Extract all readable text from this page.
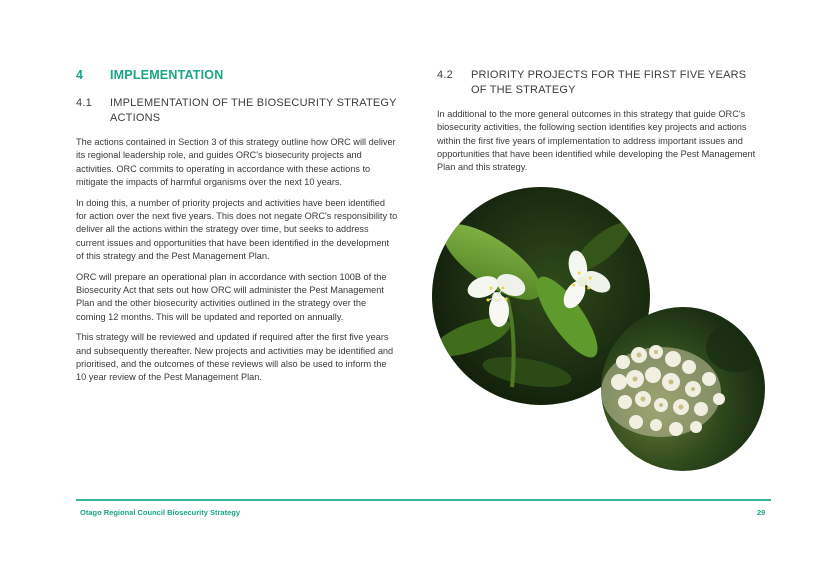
4	IMPLEMENTATION
4.1	IMPLEMENTATION OF THE BIOSECURITY STRATEGY ACTIONS

The actions contained in Section 3 of this strategy outline how ORC will deliver its regional leadership role, and guides ORC's biosecurity projects and activities. ORC commits to operating in accordance with these actions to mitigate the impacts of harmful organisms over the next 10 years.

In doing this, a number of priority projects and activities have been identified for action over the next five years. This does not negate ORC's responsibility to deliver all the actions within the strategy over time, but seeks to address current issues and opportunities that have been identified in the development of this strategy and the Pest Management Plan.

ORC will prepare an operational plan in accordance with section 100B of the Biosecurity Act that sets out how ORC will administer the Pest Management Plan and the other biosecurity activities outlined in the strategy over the coming 12 months. This will be updated and reported on annually.

This strategy will be reviewed and updated if required after the first five years and subsequently thereafter. New projects and activities may be identified and prioritised, and the outcomes of these reviews will also be used to inform the 10 year review of the Pest Management Plan.

4.2	PRIORITY PROJECTS FOR THE FIRST FIVE YEARS OF THE STRATEGY

In additional to the more general outcomes in this strategy that guide ORC's biosecurity activities, the following section identifies key projects and actions within the first five years of implementation to address important issues and opportunities that have been identified while developing the Pest Management Plan and this strategy.

Otago Regional Council Biosecurity Strategy	29
